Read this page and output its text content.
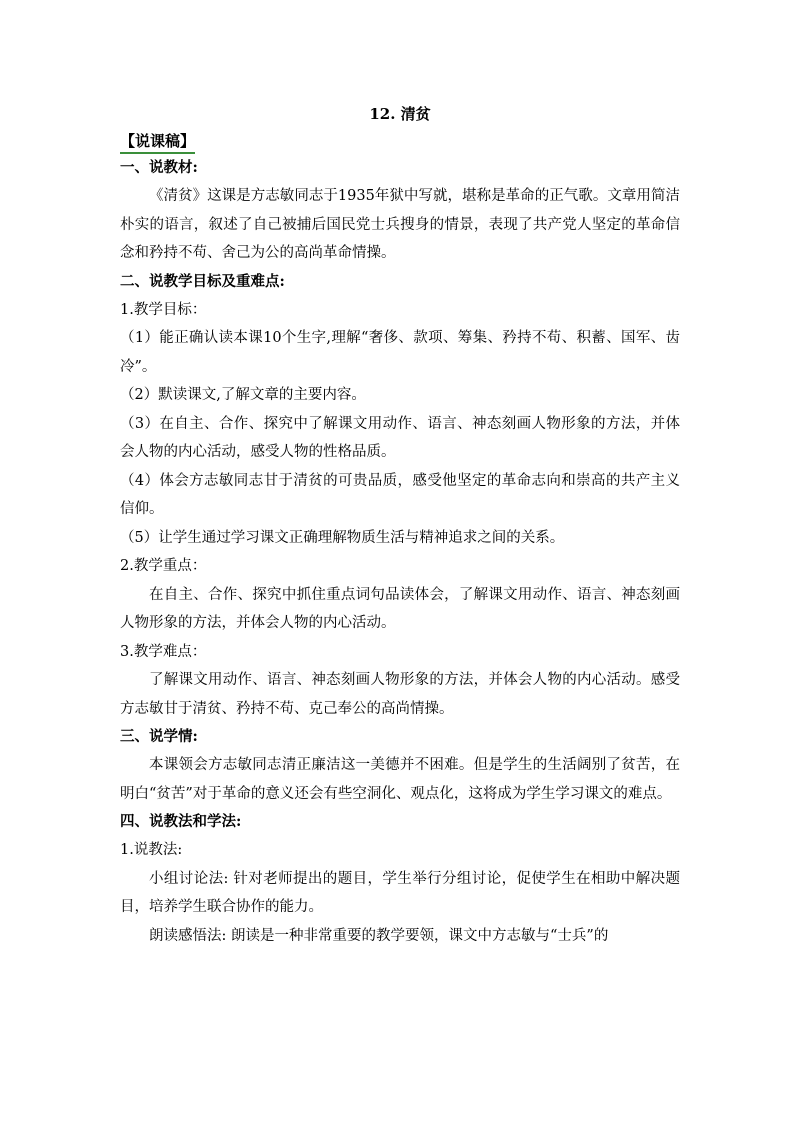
12. 清贫
【说课稿】
一、说教材:
《清贫》这课是方志敏同志于1935年狱中写就，堪称是革命的正气歌。文章用简洁朴实的语言，叙述了自己被捕后国民党士兵搜身的情景，表现了共产党人坚定的革命信念和矜持不苟、舍己为公的高尚革命情操。
二、说教学目标及重难点:
1.教学目标：
（1）能正确认读本课10个生字,理解“奢侈、款项、筹集、矜持不苟、积蓄、国军、齿冷”。
（2）默读课文,了解文章的主要内容。
（3）在自主、合作、探究中了解课文用动作、语言、神态刻画人物形象的方法，并体会人物的内心活动，感受人物的性格品质。
（4）体会方志敏同志甘于清贫的可贵品质，感受他坚定的革命志向和崇高的共产主义信仰。
（5）让学生通过学习课文正确理解物质生活与精神追求之间的关系。
2.教学重点：
在自主、合作、探究中抓住重点词句品读体会，了解课文用动作、语言、神态刻画人物形象的方法，并体会人物的内心活动。
3.教学难点：
了解课文用动作、语言、神态刻画人物形象的方法，并体会人物的内心活动。感受方志敏甘于清贫、矜持不苟、克己奉公的高尚情操。
三、说学情:
本课领会方志敏同志清正廉洁这一美德并不困难。但是学生的生活阔别了贫苦，在明白“贫苦”对于革命的意义还会有些空洞化、观点化，这将成为学生学习课文的难点。
四、说教法和学法:
1.说教法:
小组讨论法: 针对老师提出的题目，学生举行分组讨论，促使学生在相助中解决题目，培养学生联合协作的能力。
朗读感悟法: 朗读是一种非常重要的教学要领，课文中方志敏与“士兵”的
